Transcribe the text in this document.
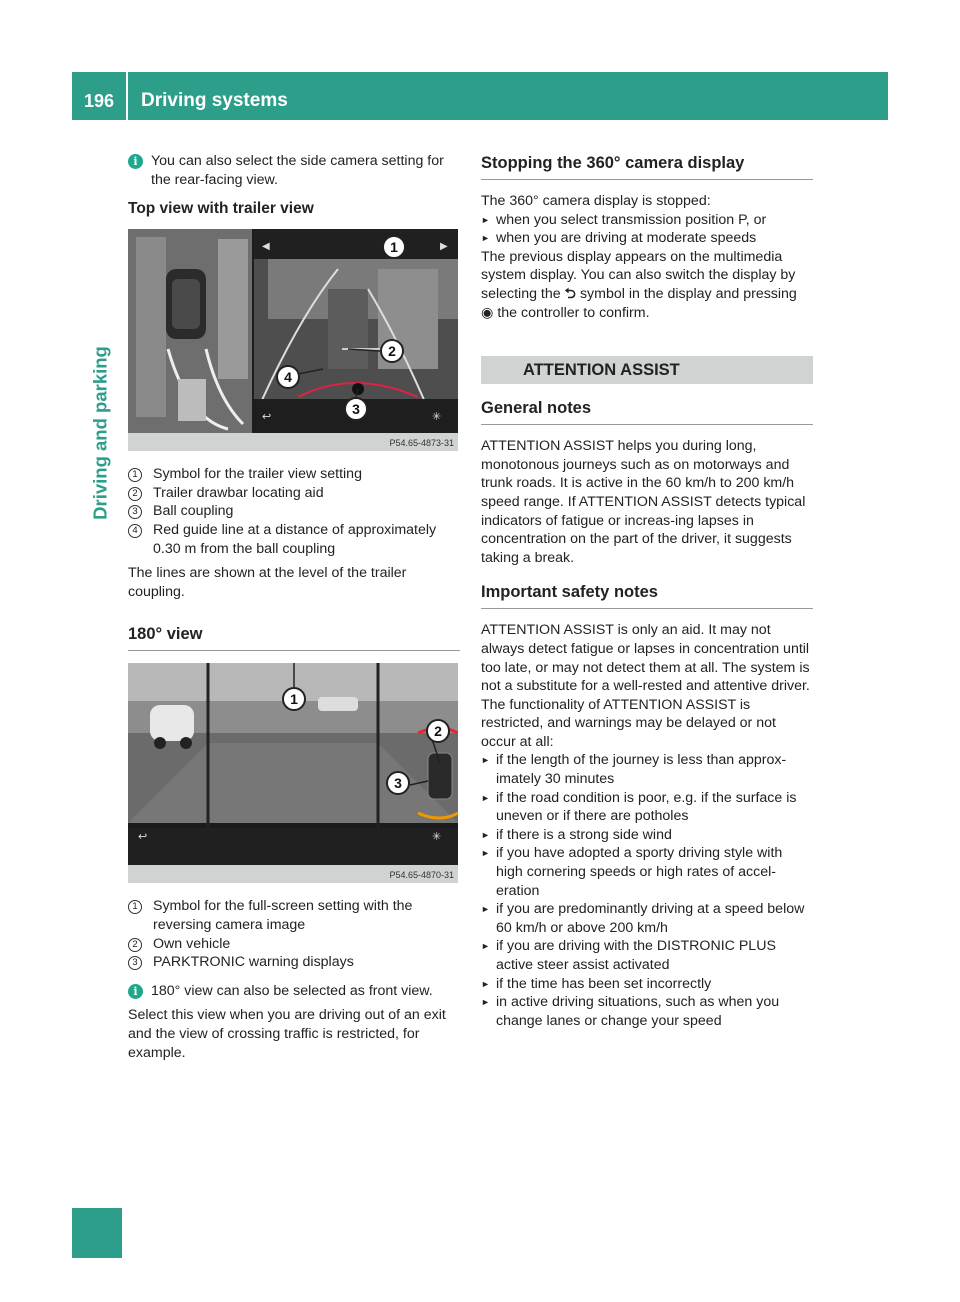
196 Driving systems
Driving and parking
i You can also select the side camera setting for the rear-facing view.

Top view with trailer view
◀	▶
↩	✳
1
2
3
4
P54.65-4873-31
1	Symbol for the trailer view setting

2	Trailer drawbar locating aid

3	Ball coupling

4	Red guide line at a distance of approximately 0.30 m from the ball coupling

The lines are shown at the level of the trailer coupling.

180° view
↩	✳
1
2
3
P54.65-4870-31
1	Symbol for the full-screen setting with the reversing camera image

2	Own vehicle

3	PARKTRONIC warning displays

i 180° view can also be selected as front view.

Select this view when you are driving out of an exit and the view of crossing traffic is restricted, for example.

Stopping the 360° camera display

The 360° camera display is stopped:

► when you select transmission position P, or
► when you are driving at moderate speeds

The previous display appears on the multimedia system display. You can also switch the display by selecting the ⮌ symbol in the display and pressing ◉ the controller to confirm.

ATTENTION ASSIST
General notes

ATTENTION ASSIST helps you during long, monotonous journeys such as on motorways and trunk roads. It is active in the 60 km/h to 200 km/h speed range. If ATTENTION ASSIST detects typical indicators of fatigue or increas-ing lapses in concentration on the part of the driver, it suggests taking a break.

Important safety notes

ATTENTION ASSIST is only an aid. It may not always detect fatigue or lapses in concentration until too late, or may not detect them at all. The system is not a substitute for a well-rested and attentive driver.

The functionality of ATTENTION ASSIST is restricted, and warnings may be delayed or not occur at all:

► if the length of the journey is less than approx-imately 30 minutes
► if the road condition is poor, e.g. if the surface is uneven or if there are potholes
► if there is a strong side wind
► if you have adopted a sporty driving style with high cornering speeds or high rates of accel-eration
► if you are predominantly driving at a speed below 60 km/h or above 200 km/h
► if you are driving with the DISTRONIC PLUS active steer assist activated
► if the time has been set incorrectly
► in active driving situations, such as when you change lanes or change your speed
